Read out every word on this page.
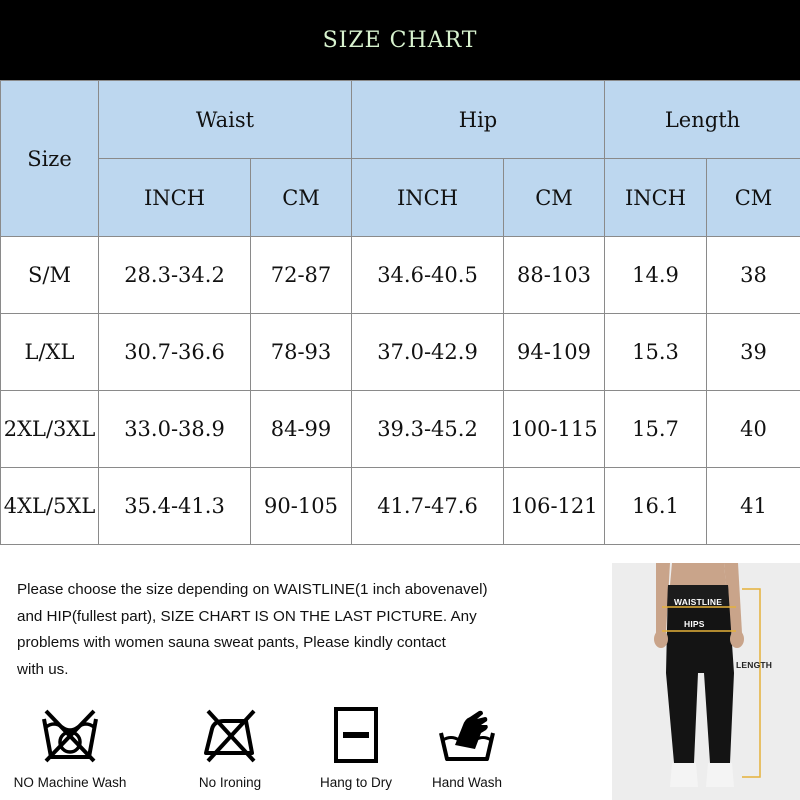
SIZE CHART
Size	Waist		Hip		Length	
	INCH	CM	INCH	CM	INCH	CM
S/M	28.3-34.2	72-87	34.6-40.5	88-103	14.9	38
L/XL	30.7-36.6	78-93	37.0-42.9	94-109	15.3	39
2XL/3XL	33.0-38.9	84-99	39.3-45.2	100-115	15.7	40
4XL/5XL	35.4-41.3	90-105	41.7-47.6	106-121	16.1	41
Please choose the size depending on WAISTLINE(1 inch abovenavel)
and HIP(fullest part), SIZE CHART IS ON THE LAST PICTURE. Any
problems with women sauna sweat pants, Please kindly contact
with us.
NO Machine Wash	No Ironing	Hang to Dry	Hand Wash
WAISTLINE
HIPS
LENGTH
